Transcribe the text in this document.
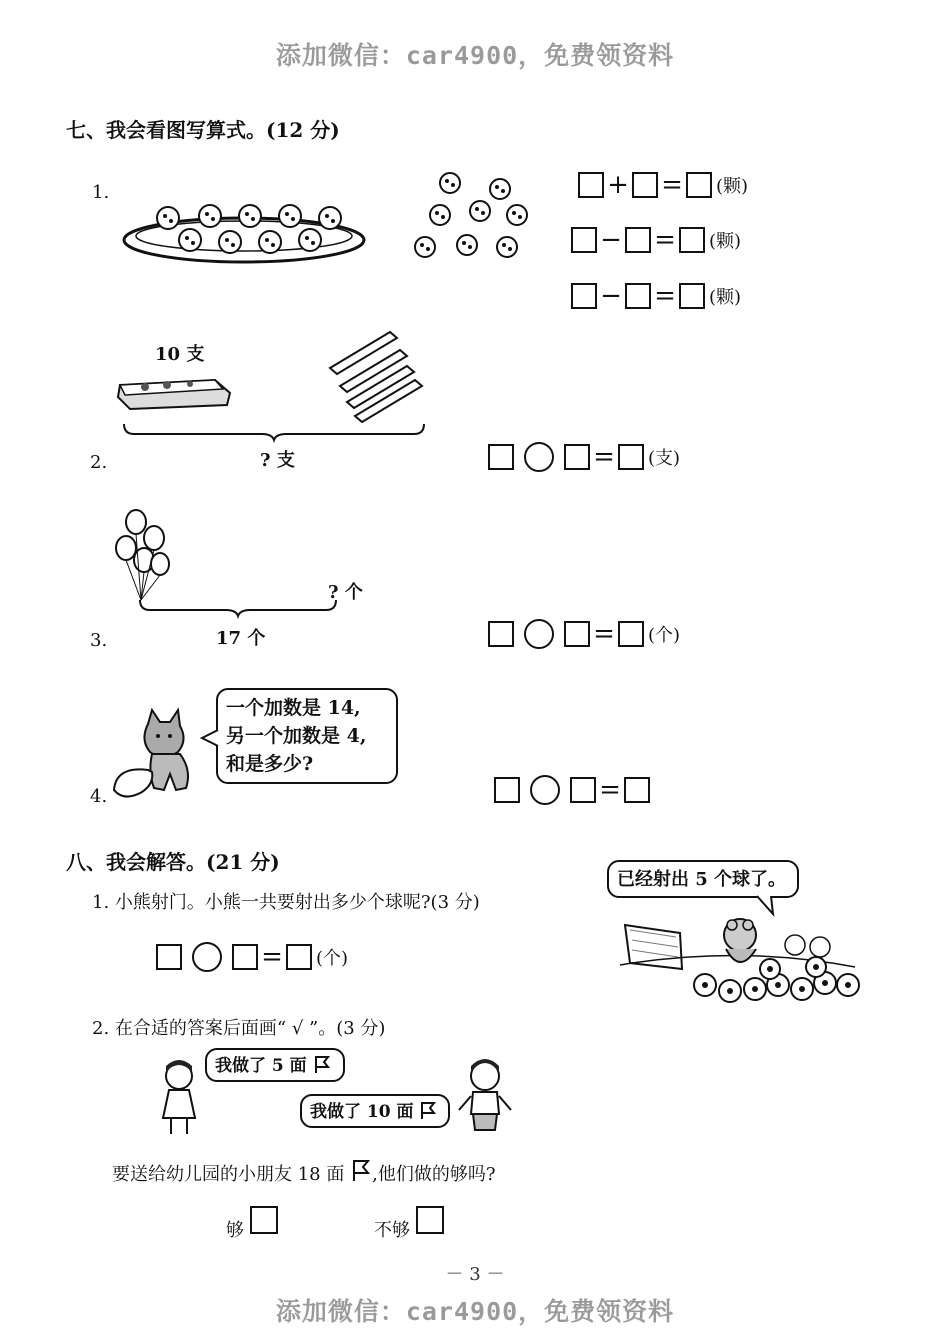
添加微信：car4900，免费领资料
添加微信：car4900，免费领资料
七、我会看图写算式。(12 分)
1.	+ = (颗)
− = (颗)
− = (颗)
10 支
? 支
2.	= (支)
? 个
17 个
3.	= (个)
一个加数是 14,
另一个加数是 4,
和是多少?
4.	=
八、我会解答。(21 分)
1. 小熊射门。小熊一共要射出多少个球呢?(3 分)
= (个)
已经射出 5 个球了。
2. 在合适的答案后面画“ √ ”。(3 分)
我做了 5 面
我做了 10 面
要送给幼儿园的小朋友 18 面 ,他们做的够吗?
够	不够
－ 3 －
